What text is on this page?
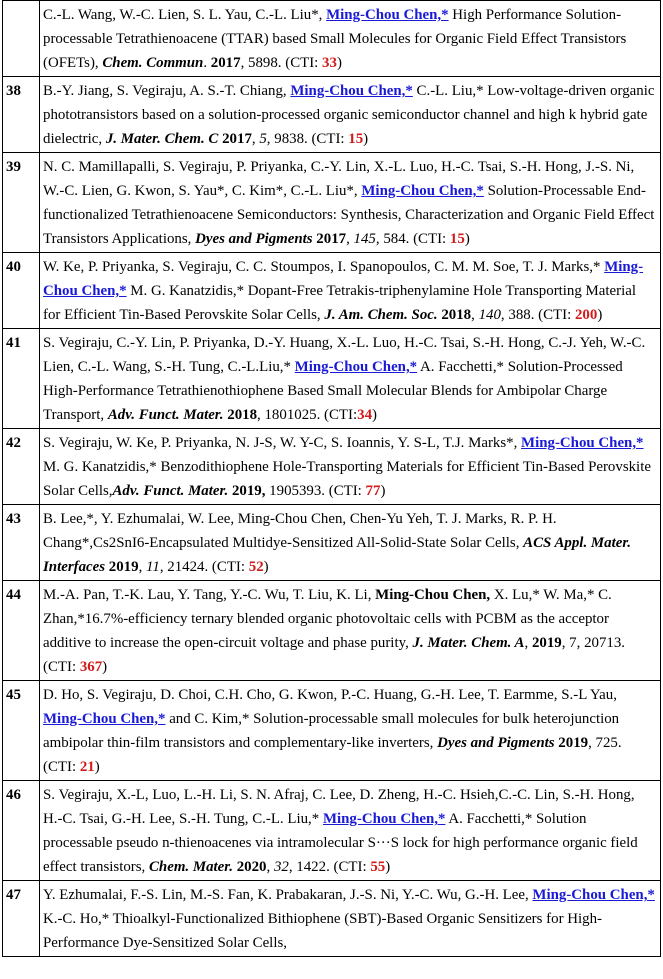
	C.-L. Wang, W.-C. Lien, S. L. Yau, C.-L. Liu*, Ming-Chou Chen,* High Performance Solution-processable Tetrathienoacene (TTAR) based Small Molecules for Organic Field Effect Transistors (OFETs), Chem. Commun. 2017, 5898. (CTI: 33)
38	B.-Y. Jiang, S. Vegiraju, A. S.-T. Chiang, Ming-Chou Chen,* C.-L. Liu,* Low-voltage-driven organic phototransistors based on a solution-processed organic semiconductor channel and high k hybrid gate dielectric, J. Mater. Chem. C 2017, 5, 9838. (CTI: 15)
39	N. C. Mamillapalli, S. Vegiraju, P. Priyanka, C.-Y. Lin, X.-L. Luo, H.-C. Tsai, S.-H. Hong, J.-S. Ni, W.-C. Lien, G. Kwon, S. Yau*, C. Kim*, C.-L. Liu*, Ming-Chou Chen,* Solution-Processable End-functionalized Tetrathienoacene Semiconductors: Synthesis, Characterization and Organic Field Effect Transistors Applications, Dyes and Pigments 2017, 145, 584. (CTI: 15)
40	W. Ke, P. Priyanka, S. Vegiraju, C. C. Stoumpos, I. Spanopoulos, C. M. M. Soe, T. J. Marks,* Ming-Chou Chen,* M. G. Kanatzidis,* Dopant-Free Tetrakis-triphenylamine Hole Transporting Material for Efficient Tin-Based Perovskite Solar Cells, J. Am. Chem. Soc. 2018, 140, 388. (CTI: 200)
41	S. Vegiraju, C.-Y. Lin, P. Priyanka, D.-Y. Huang, X.-L. Luo, H.-C. Tsai, S.-H. Hong, C.-J. Yeh, W.-C. Lien, C.-L. Wang, S.-H. Tung, C.-L.Liu,* Ming-Chou Chen,* A. Facchetti,* Solution-Processed High-Performance Tetrathienothiophene Based Small Molecular Blends for Ambipolar Charge Transport, Adv. Funct. Mater. 2018, 1801025. (CTI:34)
42	S. Vegiraju, W. Ke, P. Priyanka, N. J-S, W. Y-C, S. Ioannis, Y. S-L, T.J. Marks*, Ming-Chou Chen,* M. G. Kanatzidis,* Benzodithiophene Hole-Transporting Materials for Efficient Tin-Based Perovskite Solar Cells,Adv. Funct. Mater. 2019, 1905393. (CTI: 77)
43	B. Lee,*, Y. Ezhumalai, W. Lee, Ming-Chou Chen, Chen-Yu Yeh, T. J. Marks, R. P. H. Chang*,Cs2SnI6-Encapsulated Multidye-Sensitized All-Solid-State Solar Cells, ACS Appl. Mater. Interfaces 2019, 11, 21424. (CTI: 52)
44	M.-A. Pan, T.-K. Lau, Y. Tang, Y.-C. Wu, T. Liu, K. Li, Ming-Chou Chen, X. Lu,* W. Ma,* C. Zhan,*16.7%-efficiency ternary blended organic photovoltaic cells with PCBM as the acceptor additive to increase the open-circuit voltage and phase purity, J. Mater. Chem. A, 2019, 7, 20713. (CTI: 367)
45	D. Ho, S. Vegiraju, D. Choi, C.H. Cho, G. Kwon, P.-C. Huang, G.-H. Lee, T. Earmme, S.-L Yau, Ming-Chou Chen,* and C. Kim,* Solution-processable small molecules for bulk heterojunction ambipolar thin-film transistors and complementary-like inverters, Dyes and Pigments 2019, 725. (CTI: 21)
46	S. Vegiraju, X.-L, Luo, L.-H. Li, S. N. Afraj, C. Lee, D. Zheng, H.-C. Hsieh,C.-C. Lin, S.-H. Hong, H.-C. Tsai, G.-H. Lee, S.-H. Tung, C.-L. Liu,* Ming-Chou Chen,* A. Facchetti,* Solution processable pseudo n-thienoacenes via intramolecular S···S lock for high performance organic field effect transistors, Chem. Mater. 2020, 32, 1422. (CTI: 55)
47	Y. Ezhumalai, F.-S. Lin, M.-S. Fan, K. Prabakaran, J.-S. Ni, Y.-C. Wu, G.-H. Lee, Ming-Chou Chen,* K.-C. Ho,* Thioalkyl-Functionalized Bithiophene (SBT)-Based Organic Sensitizers for High-Performance Dye-Sensitized Solar Cells,
